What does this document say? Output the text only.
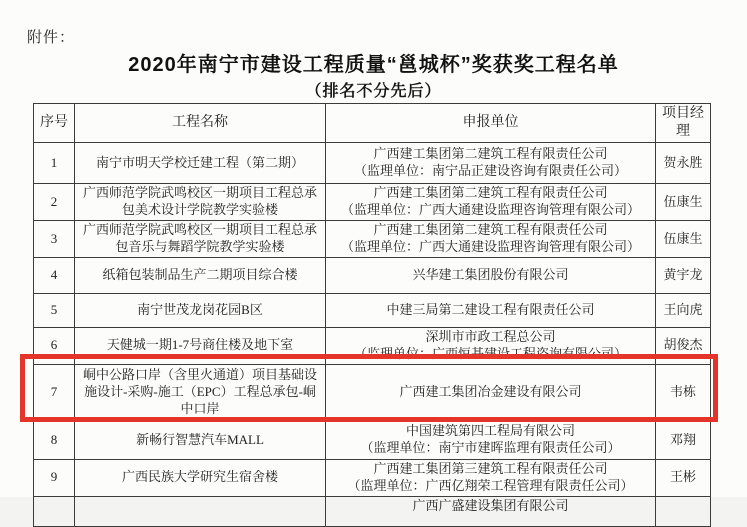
附件：
2020年南宁市建设工程质量“邕城杯”奖获奖工程名单
（排名不分先后）
序号	工程名称	申报单位	项目经理
1	南宁市明天学校迁建工程（第二期）	广西建工集团第二建筑工程有限责任公司
（监理单位：南宁品正建设咨询有限责任公司）	贺永胜
2	广西师范学院武鸣校区一期项目工程总承包美术设计学院教学实验楼	广西建工集团第二建筑工程有限责任公司
（监理单位：广西大通建设监理咨询管理有限公司）	伍康生
3	广西师范学院武鸣校区一期项目工程总承包音乐与舞蹈学院教学实验楼	广西建工集团第二建筑工程有限责任公司
（监理单位：广西大通建设监理咨询管理有限公司）	伍康生
4	纸箱包装制品生产二期项目综合楼	兴华建工集团股份有限公司	黄宇龙
5	南宁世茂龙岗花园B区	中建三局第二建设工程有限责任公司	王向虎
6	天健城一期1-7号商住楼及地下室	深圳市市政工程总公司
（监理单位：广西恒基建设工程咨询有限公司）	胡俊杰
7	峒中公路口岸（含里火通道）项目基础设施设计-采购-施工（EPC）工程总承包-峒中口岸	广西建工集团冶金建设有限公司	韦栋
8	新畅行智慧汽车MALL	中国建筑第四工程局有限公司
（监理单位：南宁市建晖监理有限责任公司）	邓翔
9	广西民族大学研究生宿舍楼	广西建工集团第三建筑工程有限责任公司
（监理单位：广西亿翔荣工程管理有限责任公司）	王彬

		广西广盛建设集团有限公司	
